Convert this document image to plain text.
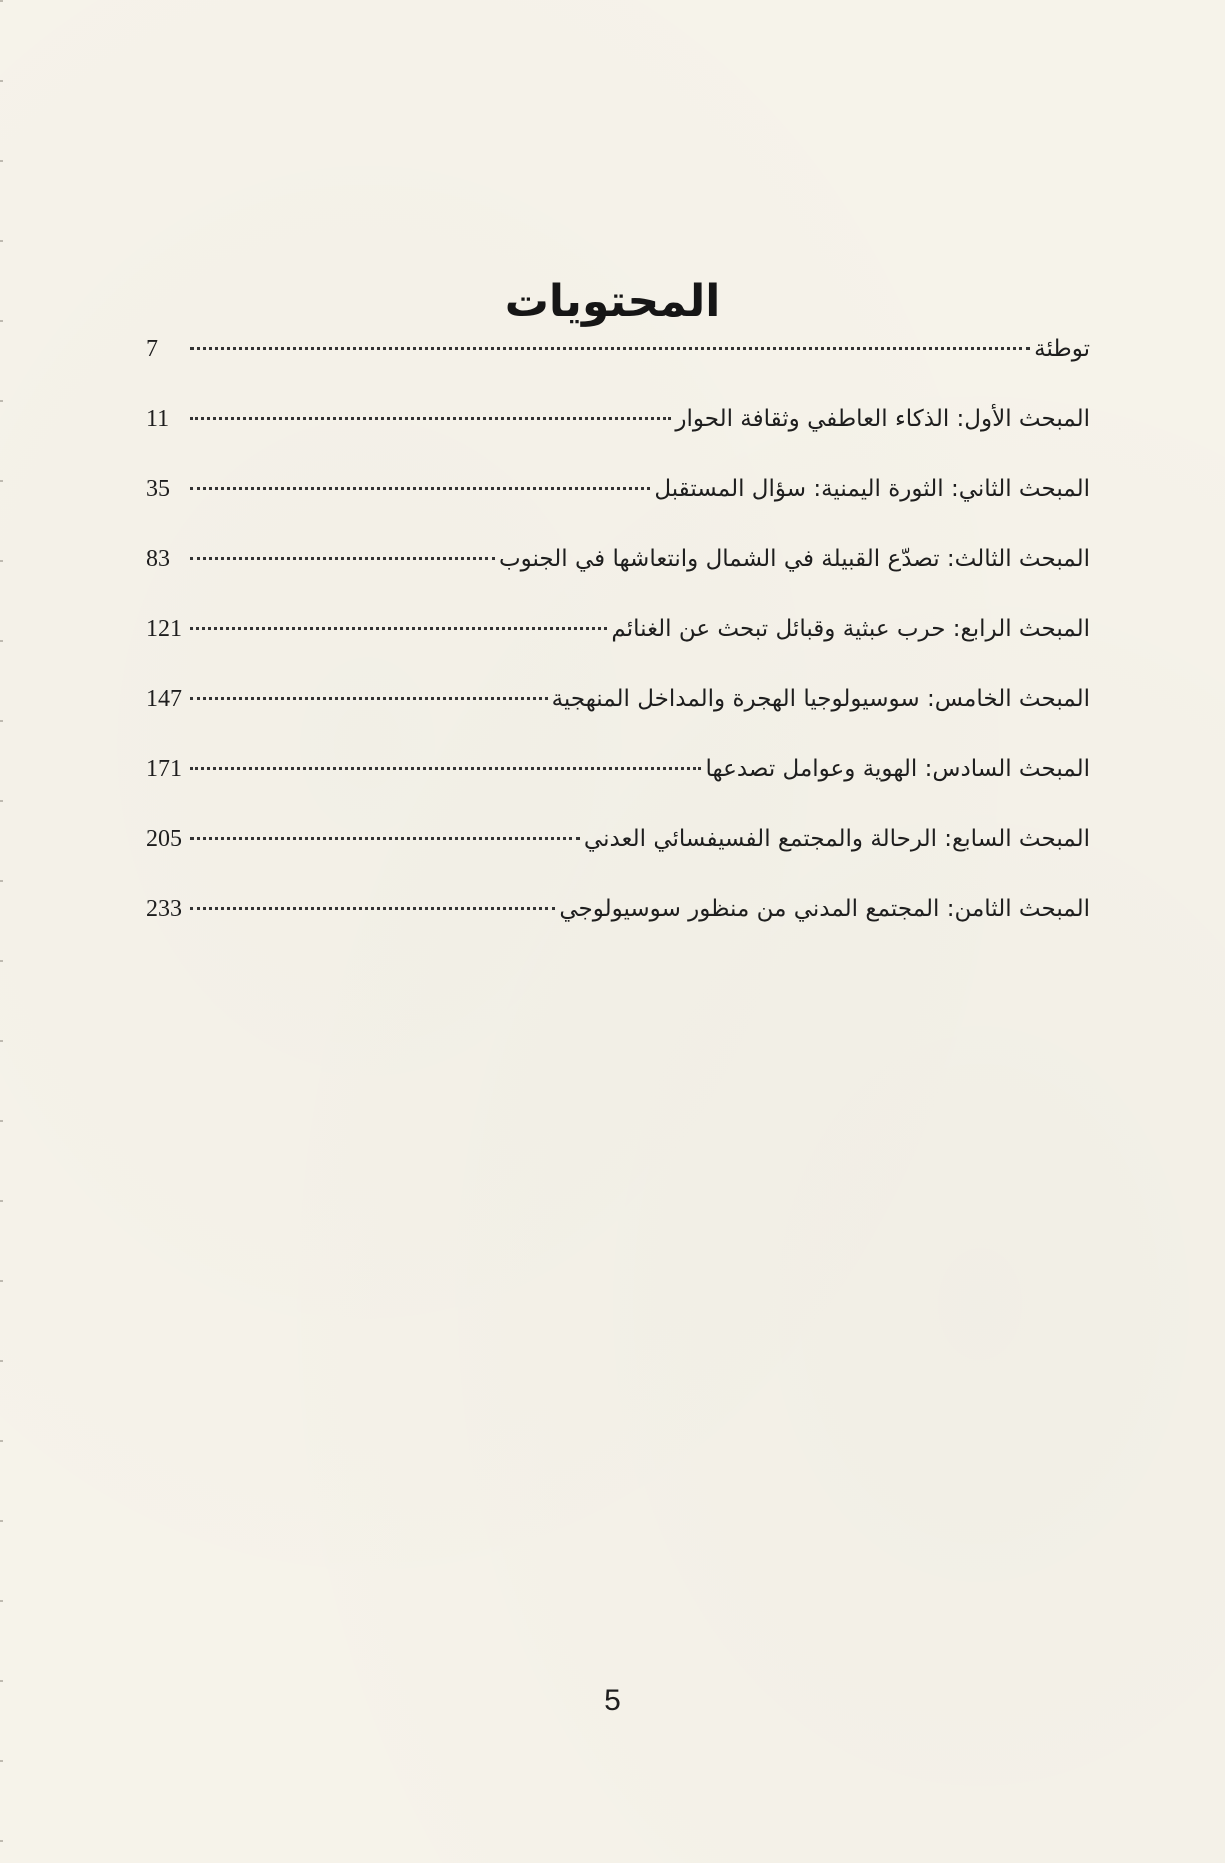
المحتويات
7	توطئة
11	المبحث الأول: الذكاء العاطفي وثقافة الحوار
35	المبحث الثاني: الثورة اليمنية: سؤال المستقبل
83	المبحث الثالث: تصدّع القبيلة في الشمال وانتعاشها في الجنوب
121	المبحث الرابع: حرب عبثية وقبائل تبحث عن الغنائم
147	المبحث الخامس: سوسيولوجيا الهجرة والمداخل المنهجية
171	المبحث السادس: الهوية وعوامل تصدعها
205	المبحث السابع: الرحالة والمجتمع الفسيفسائي العدني
233	المبحث الثامن: المجتمع المدني من منظور سوسيولوجي
5
